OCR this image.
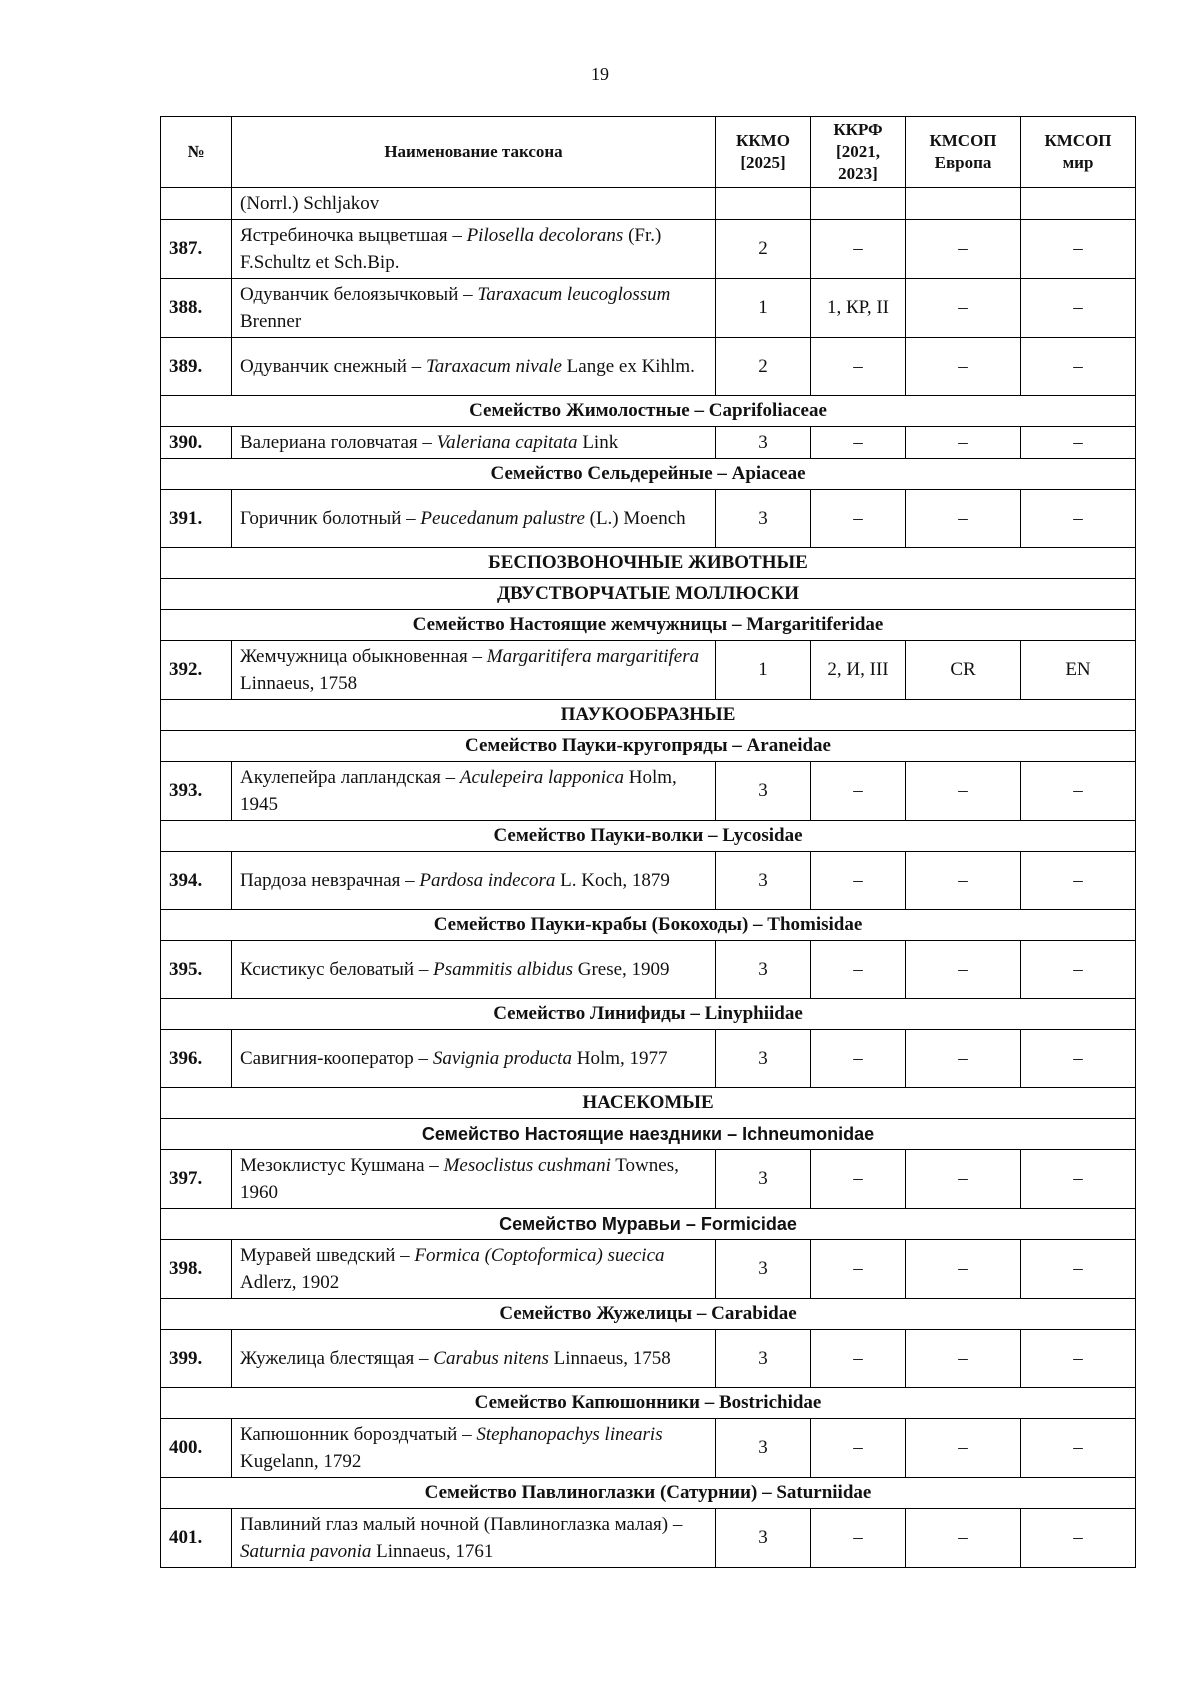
19
№	Наименование таксона	ККМО [2025]	ККРФ [2021, 2023]	КМСОП Европа	КМСОП мир
	(Norrl.) Schljakov				
387.	Ястребиночка выцветшая – Pilosella decolorans (Fr.) F.Schultz et Sch.Bip.	2	–	–	–
388.	Одуванчик белоязычковый – Taraxacum leucoglossum Brenner	1	1, КР, II	–	–
389.	Одуванчик снежный – Taraxacum nivale Lange ex Kihlm.	2	–	–	–
Семейство Жимолостные – Caprifoliaceae					
390.	Валериана головчатая – Valeriana capitata Link	3	–	–	–
Семейство Сельдерейные – Apiaceae					
391.	Горичник болотный – Peucedanum palustre (L.) Moench	3	–	–	–
БЕСПОЗВОНОЧНЫЕ ЖИВОТНЫЕ					
ДВУСТВОРЧАТЫЕ МОЛЛЮСКИ					
Семейство Настоящие жемчужницы – Margaritiferidae					
392.	Жемчужница обыкновенная – Margaritifera margaritifera Linnaeus, 1758	1	2, И, III	CR	EN
ПАУКООБРАЗНЫЕ					
Семейство Пауки-кругопряды – Araneidae					
393.	Акулепейра лапландская – Aculepeira lapponica Holm, 1945	3	–	–	–
Семейство Пауки-волки – Lycosidae					
394.	Пардоза невзрачная – Pardosa indecora L. Koch, 1879	3	–	–	–
Семейство Пауки-крабы (Бокоходы) – Thomisidae					
395.	Ксистикус беловатый – Psammitis albidus Grese, 1909	3	–	–	–
Семейство Линифиды – Linyphiidae					
396.	Савигния-кооператор – Savignia producta Holm, 1977	3	–	–	–
НАСЕКОМЫЕ					
Семейство Настоящие наездники – Ichneumonidae					
397.	Мезоклистус Кушмана – Mesoclistus cushmani Townes, 1960	3	–	–	–
Семейство Муравьи – Formicidae					
398.	Муравей шведский – Formica (Coptoformica) suecica Adlerz, 1902	3	–	–	–
Семейство Жужелицы – Carabidae					
399.	Жужелица блестящая – Carabus nitens Linnaeus, 1758	3	–	–	–
Семейство Капюшонники – Bostrichidae					
400.	Капюшонник бороздчатый – Stephanopachys linearis Kugelann, 1792	3	–	–	–
Семейство Павлиноглазки (Сатурнии) – Saturniidae					
401.	Павлиний глаз малый ночной (Павлиноглазка малая) – Saturnia pavonia Linnaeus, 1761	3	–	–	–
